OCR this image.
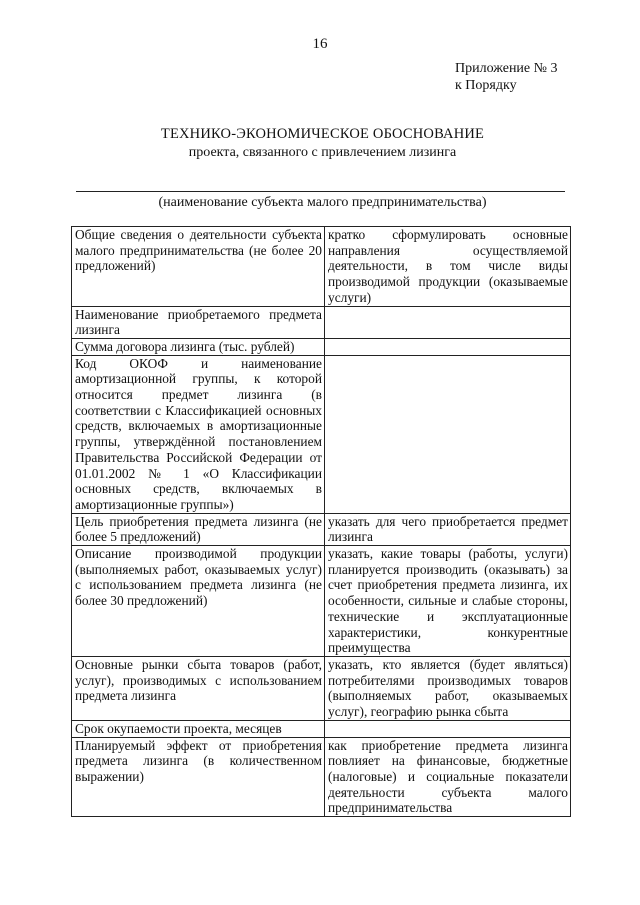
16
Приложение № 3
к Порядку
ТЕХНИКО-ЭКОНОМИЧЕСКОЕ ОБОСНОВАНИЕ
проекта, связанного с привлечением лизинга
(наименование субъекта малого предпринимательства)
Общие сведения о деятельности субъекта малого предпринимательства (не более 20 предложений)	кратко сформулировать основные направления осуществляемой деятельности, в том числе виды производимой продукции (оказываемые услуги)
Наименование приобретаемого предмета лизинга	
Сумма договора лизинга (тыс. рублей)	
Код ОКОФ и наименование амортизационной группы, к которой относится предмет лизинга (в соответствии с Классификацией основных средств, включаемых в амортизационные группы, утверждённой постановлением Правительства Российской Федерации от 01.01.2002 № 1 «О Классификации основных средств, включаемых в амортизационные группы»)	
Цель приобретения предмета лизинга (не более 5 предложений)	указать для чего приобретается предмет лизинга
Описание производимой продукции (выполняемых работ, оказываемых услуг) с использованием предмета лизинга (не более 30 предложений)	указать, какие товары (работы, услуги) планируется производить (оказывать) за счет приобретения предмета лизинга, их особенности, сильные и слабые стороны, технические и эксплуатационные характеристики, конкурентные преимущества
Основные рынки сбыта товаров (работ, услуг), производимых с использованием предмета лизинга	указать, кто является (будет являться) потребителями производимых товаров (выполняемых работ, оказываемых услуг), географию рынка сбыта
Срок окупаемости проекта, месяцев	
Планируемый эффект от приобретения предмета лизинга (в количественном выражении)	как приобретение предмета лизинга повлияет на финансовые, бюджетные (налоговые) и социальные показатели деятельности субъекта малого предпринимательства
